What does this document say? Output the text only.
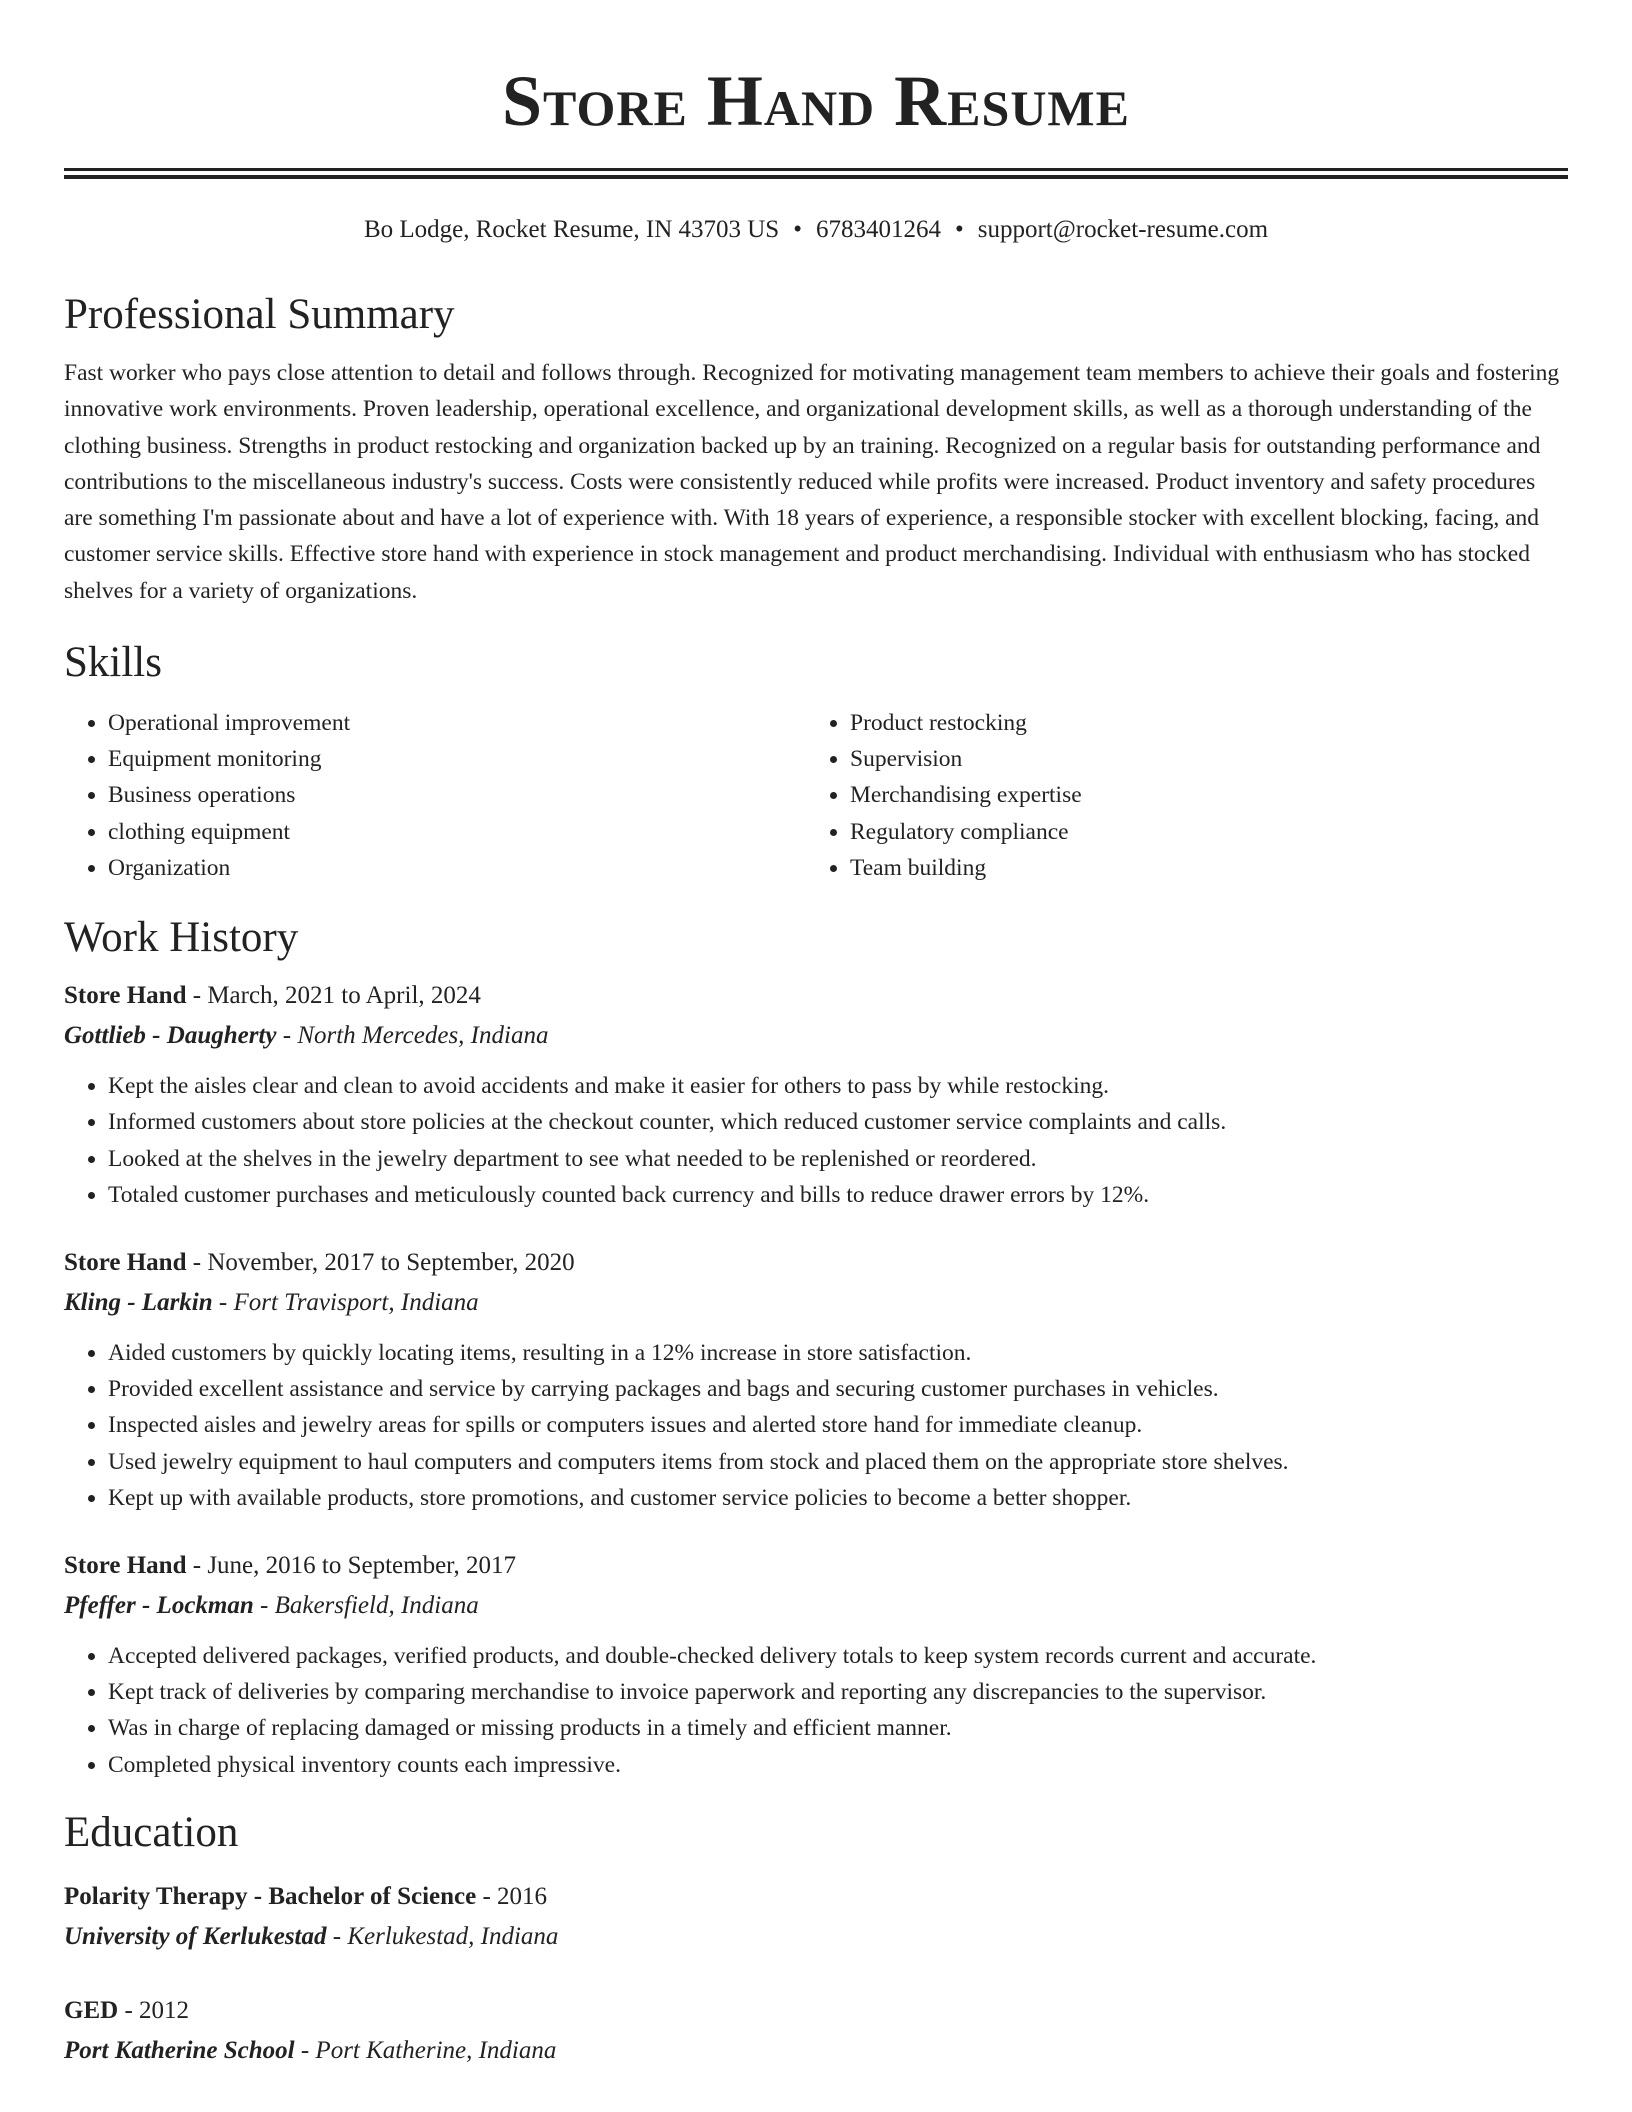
Store Hand Resume
Bo Lodge, Rocket Resume, IN 43703 US • 6783401264 • support@rocket-resume.com
Professional Summary
Fast worker who pays close attention to detail and follows through. Recognized for motivating management team members to achieve their goals and fostering innovative work environments. Proven leadership, operational excellence, and organizational development skills, as well as a thorough understanding of the clothing business. Strengths in product restocking and organization backed up by an training. Recognized on a regular basis for outstanding performance and contributions to the miscellaneous industry's success. Costs were consistently reduced while profits were increased. Product inventory and safety procedures are something I'm passionate about and have a lot of experience with. With 18 years of experience, a responsible stocker with excellent blocking, facing, and customer service skills. Effective store hand with experience in stock management and product merchandising. Individual with enthusiasm who has stocked shelves for a variety of organizations.
Skills
• Operational improvement
• Equipment monitoring
• Business operations
• clothing equipment
• Organization
• Product restocking
• Supervision
• Merchandising expertise
• Regulatory compliance
• Team building
Work History
Store Hand - March, 2021 to April, 2024
Gottlieb - Daugherty - North Mercedes, Indiana
• Kept the aisles clear and clean to avoid accidents and make it easier for others to pass by while restocking.
• Informed customers about store policies at the checkout counter, which reduced customer service complaints and calls.
• Looked at the shelves in the jewelry department to see what needed to be replenished or reordered.
• Totaled customer purchases and meticulously counted back currency and bills to reduce drawer errors by 12%.
Store Hand - November, 2017 to September, 2020
Kling - Larkin - Fort Travisport, Indiana
• Aided customers by quickly locating items, resulting in a 12% increase in store satisfaction.
• Provided excellent assistance and service by carrying packages and bags and securing customer purchases in vehicles.
• Inspected aisles and jewelry areas for spills or computers issues and alerted store hand for immediate cleanup.
• Used jewelry equipment to haul computers and computers items from stock and placed them on the appropriate store shelves.
• Kept up with available products, store promotions, and customer service policies to become a better shopper.
Store Hand - June, 2016 to September, 2017
Pfeffer - Lockman - Bakersfield, Indiana
• Accepted delivered packages, verified products, and double-checked delivery totals to keep system records current and accurate.
• Kept track of deliveries by comparing merchandise to invoice paperwork and reporting any discrepancies to the supervisor.
• Was in charge of replacing damaged or missing products in a timely and efficient manner.
• Completed physical inventory counts each impressive.
Education
Polarity Therapy - Bachelor of Science - 2016
University of Kerlukestad - Kerlukestad, Indiana
GED - 2012
Port Katherine School - Port Katherine, Indiana
